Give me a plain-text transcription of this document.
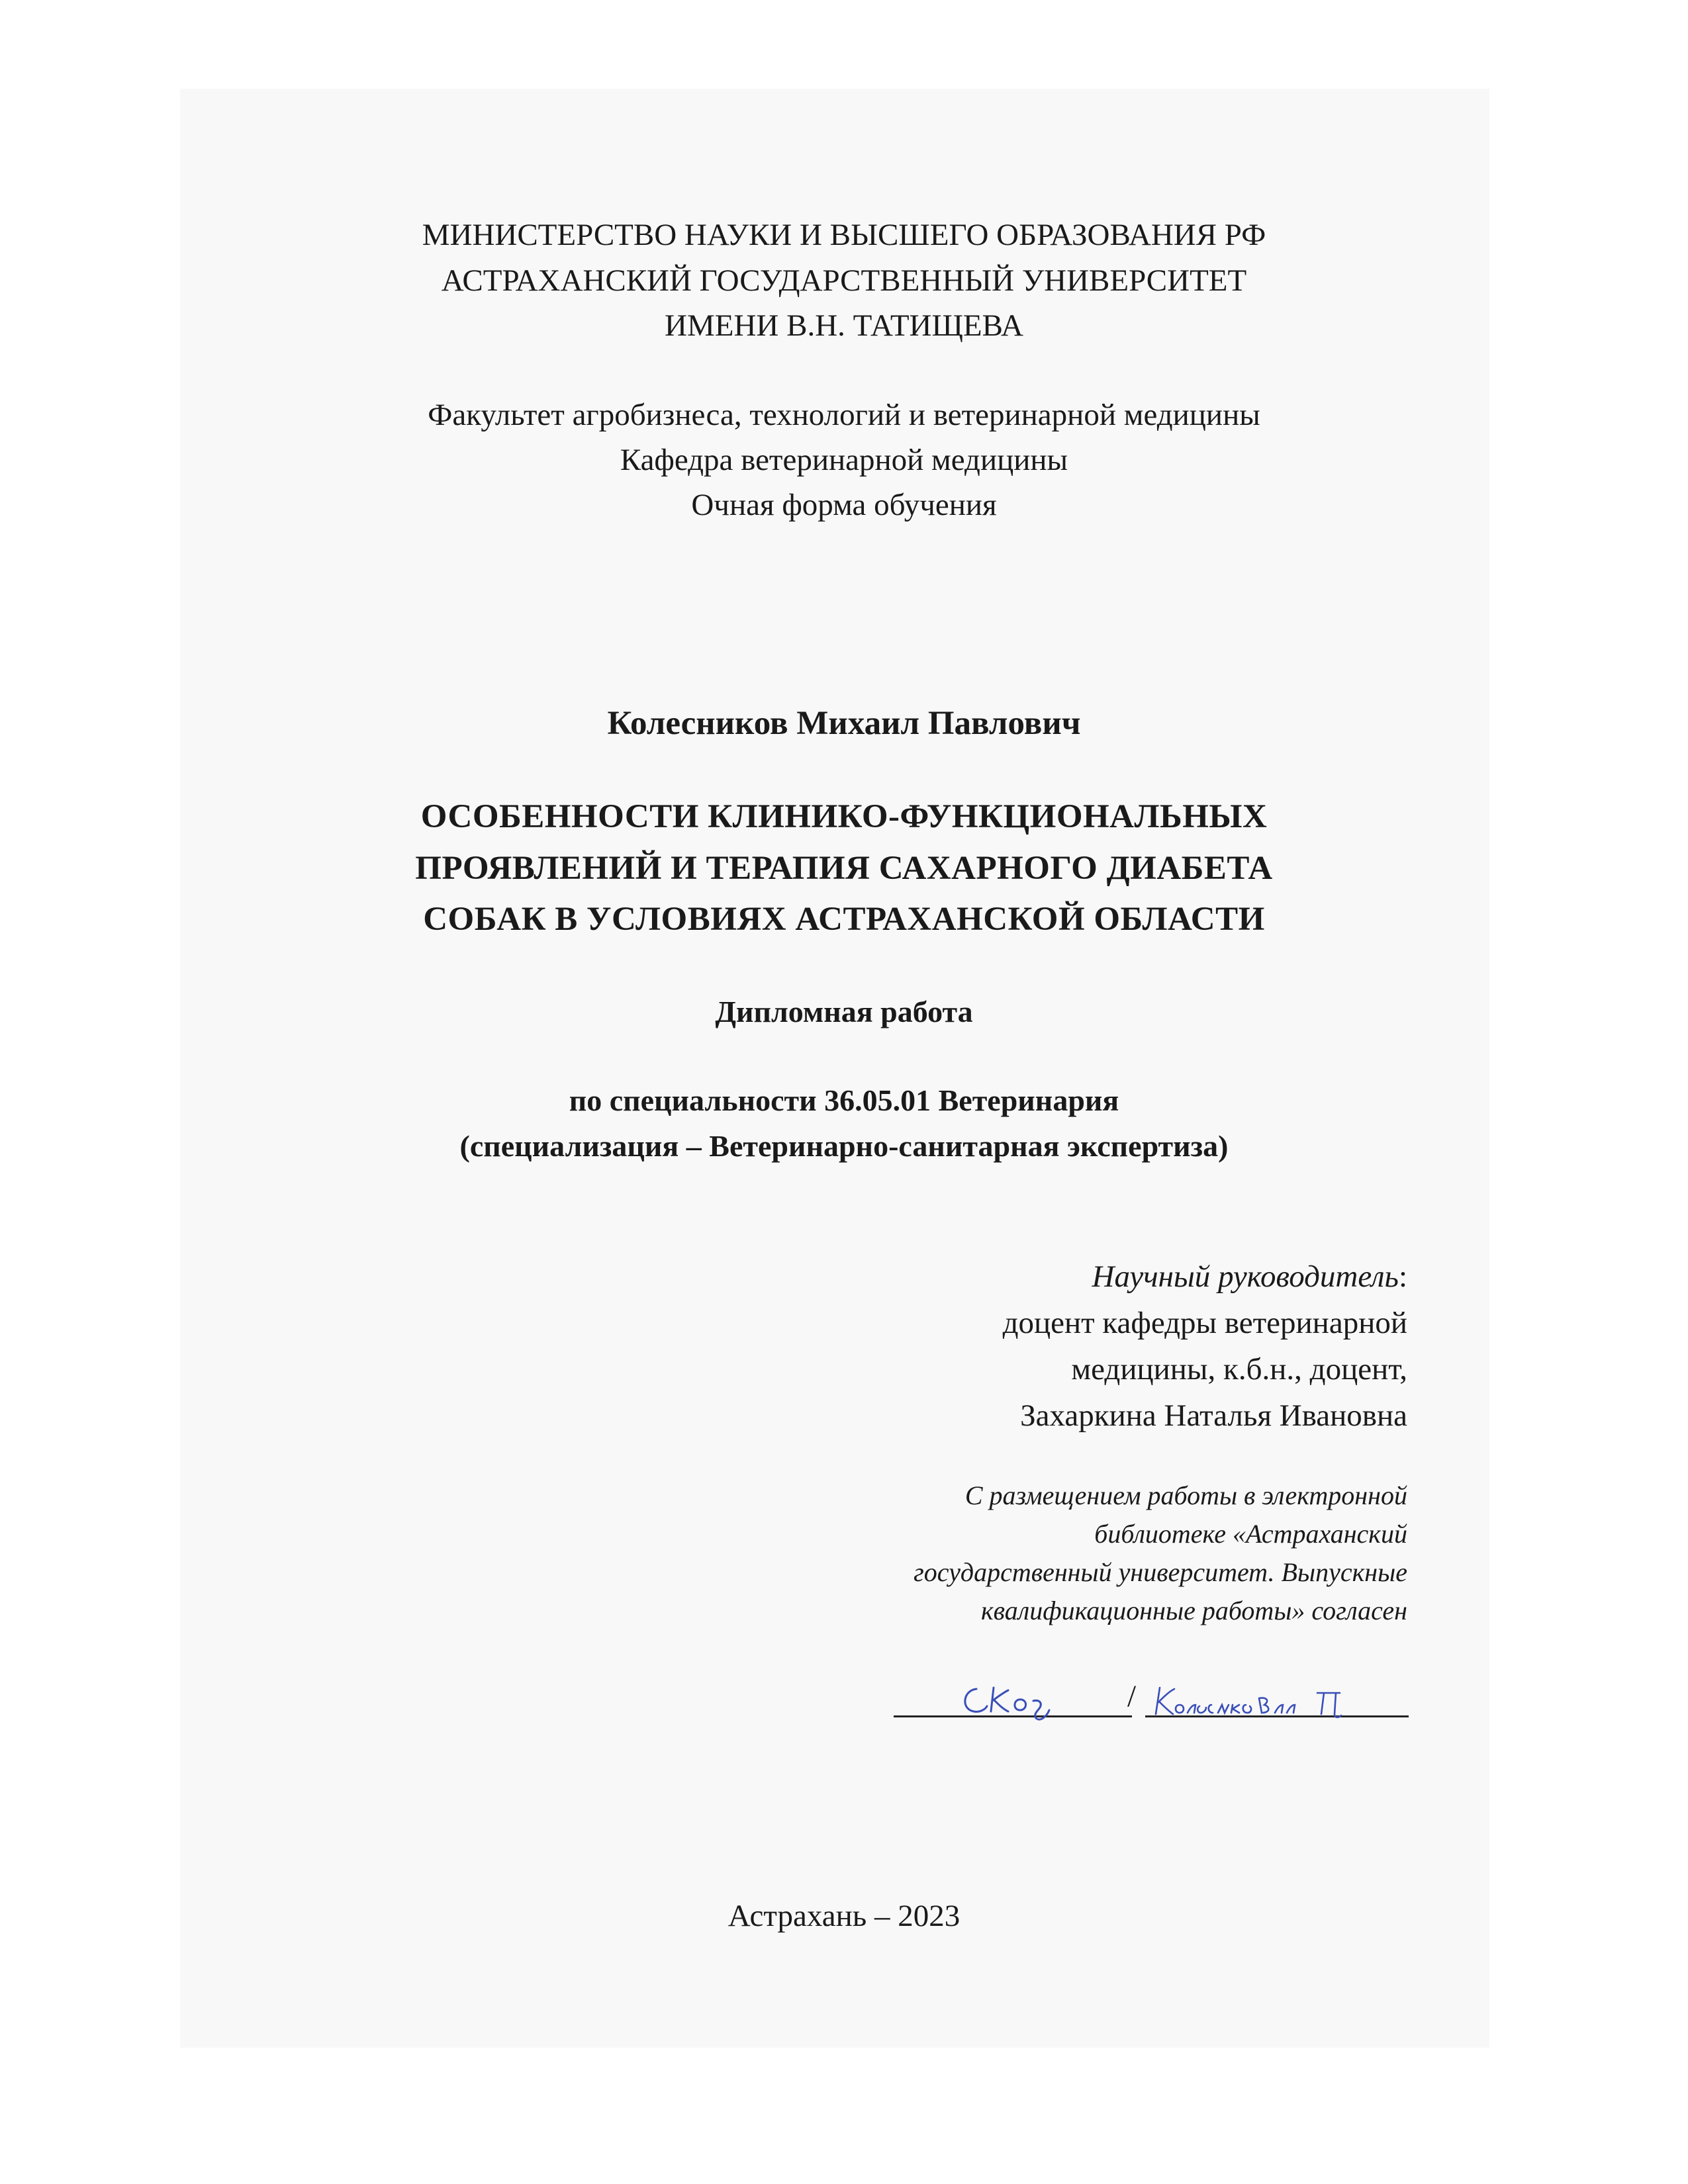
МИНИСТЕРСТВО НАУКИ И ВЫСШЕГО ОБРАЗОВАНИЯ РФ
АСТРАХАНСКИЙ ГОСУДАРСТВЕННЫЙ УНИВЕРСИТЕТ
ИМЕНИ В.Н. ТАТИЩЕВА
Факультет агробизнеса, технологий и ветеринарной медицины
Кафедра ветеринарной медицины
Очная форма обучения
Колесников Михаил Павлович
ОСОБЕННОСТИ КЛИНИКО-ФУНКЦИОНАЛЬНЫХ
ПРОЯВЛЕНИЙ И ТЕРАПИЯ САХАРНОГО ДИАБЕТА
СОБАК В УСЛОВИЯХ АСТРАХАНСКОЙ ОБЛАСТИ
Дипломная работа
по специальности 36.05.01 Ветеринария
(специализация – Ветеринарно-санитарная экспертиза)
Научный руководитель:
доцент кафедры ветеринарной
медицины, к.б.н., доцент,
Захаркина Наталья Ивановна
С размещением работы в электронной
библиотеке «Астраханский
государственный университет. Выпускные
квалификационные работы» согласен
/
Астрахань – 2023
